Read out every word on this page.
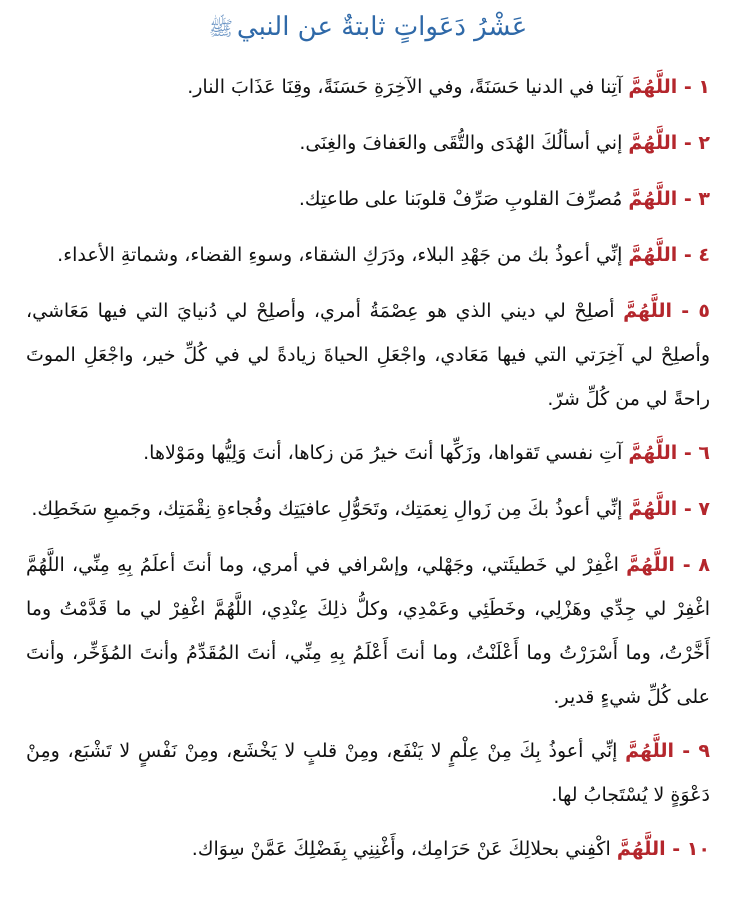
عَشْرُ دَعَواتٍ ثابتةٌ عن النبيﷺ
١ - اللَّهُمَّ آتِنا في الدنيا حَسَنَةً، وفي الآخِرَةِ حَسَنَةً، وقِنَا عَذَابَ النار.
٢ - اللَّهُمَّ إني أسألُكَ الهُدَى والتُّقَى والعَفافَ والغِنَى.
٣ - اللَّهُمَّ مُصرِّفَ القلوبِ صَرِّفْ قلوبَنا على طاعتِك.
٤ - اللَّهُمَّ إنِّي أعوذُ بك من جَهْدِ البلاء، ودَرَكِ الشقاء، وسوءِ القضاء، وشماتةِ الأعداء.
٥ - اللَّهُمَّ أصلِحْ لي ديني الذي هو عِصْمَةُ أمري، وأصلِحْ لي دُنيايَ التي فيها مَعَاشي، وأصلِحْ لي آخِرَتي التي فيها مَعَادي، واجْعَلِ الحياةَ زيادةً لي في كُلِّ خير، واجْعَلِ الموتَ راحةً لي من كُلِّ شرّ.
٦ - اللَّهُمَّ آتِ نفسي تَقواها، وزَكِّها أنتَ خيرُ مَن زكاها، أنتَ وَلِيُّها ومَوْلاها.
٧ - اللَّهُمَّ إنِّي أعوذُ بكَ مِن زَوالِ نِعمَتِك، وتَحَوُّلِ عافيَتِك وفُجاءةِ نِقْمَتِك، وجَميعِ سَخَطِك.
٨ - اللَّهُمَّ اغْفِرْ لي خَطيئَتي، وجَهْلي، وإسْرافي في أمري، وما أنتَ أعلَمُ بِهِ مِنِّي، اللَّهُمَّ اغْفِرْ لي جِدِّي وهَزْلِي، وخَطَئِي وعَمْدِي، وكلُّ ذلِكَ عِنْدِي، اللَّهُمَّ اغْفِرْ لي ما قَدَّمْتُ وما أَخَّرْتُ، وما أَسْرَرْتُ وما أَعْلَنْتُ، وما أنتَ أَعْلَمُ بِهِ مِنِّي، أنتَ المُقَدِّمُ وأنتَ المُؤَخِّر، وأنتَ على كُلِّ شيءٍ قدير.
٩ - اللَّهُمَّ إنِّي أعوذُ بِكَ مِنْ عِلْمٍ لا يَنْفَع، ومِنْ قلبٍ لا يَخْشَع، ومِنْ نَفْسٍ لا تَشْبَع، ومِنْ دَعْوَةٍ لا يُسْتَجابُ لها.
١٠ - اللَّهُمَّ اكْفِني بحلالِكَ عَنْ حَرَامِك، وأَغْنِنِي بِفَضْلِكَ عَمَّنْ سِوَاك.
